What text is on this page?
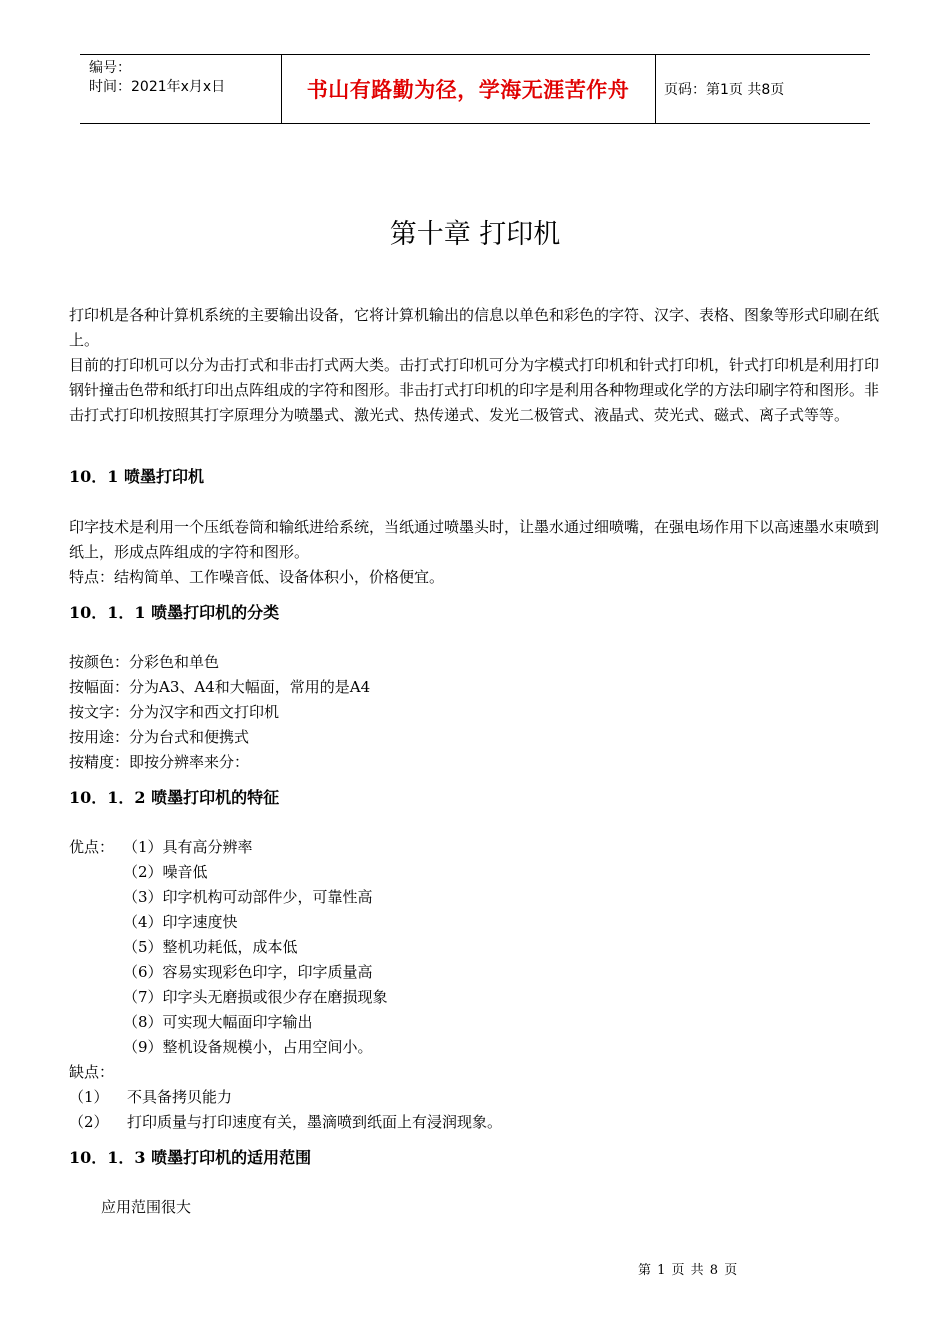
编号：
时间：2021年x月x日	书山有路勤为径，学海无涯苦作舟	页码：第1页 共8页
第十章 打印机

打印机是各种计算机系统的主要输出设备，它将计算机输出的信息以单色和彩色的字符、汉字、表格、图象等形式印刷在纸上。

目前的打印机可以分为击打式和非击打式两大类。击打式打印机可分为字模式打印机和针式打印机，针式打印机是利用打印钢针撞击色带和纸打印出点阵组成的字符和图形。非击打式打印机的印字是利用各种物理或化学的方法印刷字符和图形。非击打式打印机按照其打字原理分为喷墨式、激光式、热传递式、发光二极管式、液晶式、荧光式、磁式、离子式等等。

10．1 喷墨打印机

印字技术是利用一个压纸卷筒和输纸进给系统，当纸通过喷墨头时，让墨水通过细喷嘴，在强电场作用下以高速墨水束喷到纸上，形成点阵组成的字符和图形。

特点：结构简单、工作噪音低、设备体积小，价格便宜。

10．1．1 喷墨打印机的分类
按颜色：分彩色和单色
按幅面：分为A3、A4和大幅面，常用的是A4
按文字：分为汉字和西文打印机
按用途：分为台式和便携式
按精度：即按分辨率来分：
10．1．2 喷墨打印机的特征
优点： （1）具有高分辨率
（2）噪音低
（3）印字机构可动部件少，可靠性高
（4）印字速度快
（5）整机功耗低，成本低
（6）容易实现彩色印字，印字质量高
（7）印字头无磨损或很少存在磨损现象
（8）可实现大幅面印字输出
（9）整机设备规模小，占用空间小。
缺点：
（1） 不具备拷贝能力
（2） 打印质量与打印速度有关，墨滴喷到纸面上有浸润现象。
10．1．3 喷墨打印机的适用范围
应用范围很大
第 1 页 共 8 页
